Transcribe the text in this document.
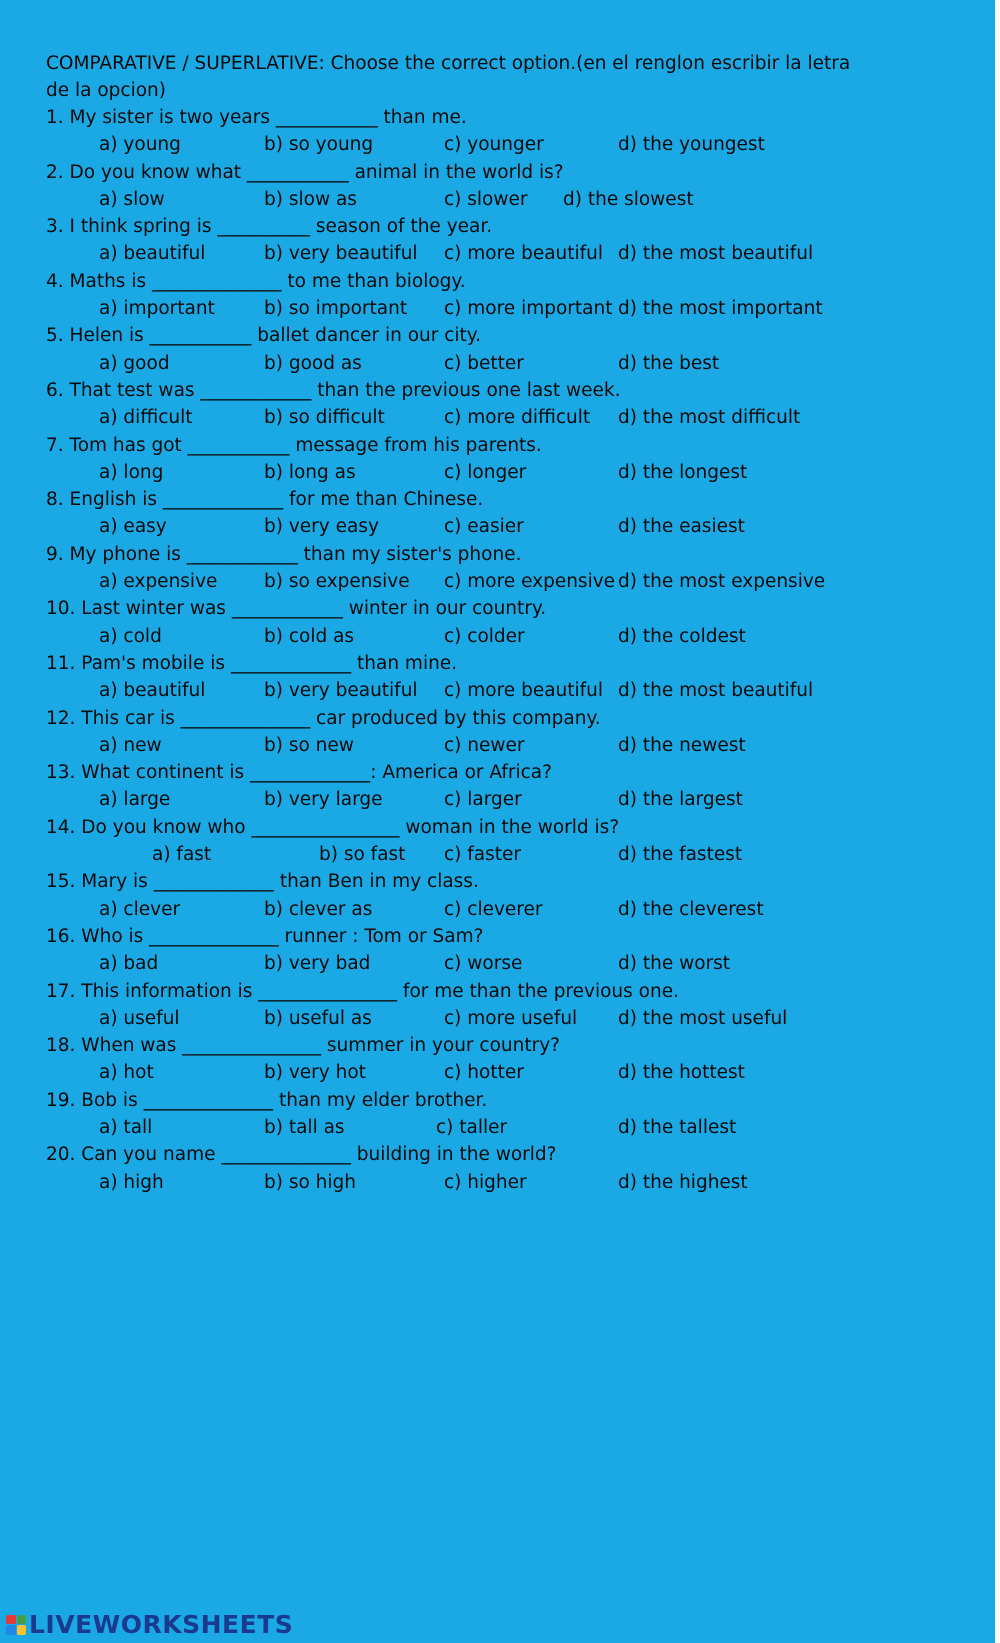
COMPARATIVE / SUPERLATIVE: Choose the correct option.(en el renglon escribir la letra

de la opcion)

1. My sister is two years ___________ than me.
a) young	b) so young	c) younger	d) the youngest
2. Do you know what ___________ animal in the world is?
a) slow	b) slow as	c) slower d) the slowest
3. I think spring is __________ season of the year.
a) beautiful	b) very beautiful c) more beautiful d) the most beautiful
4. Maths is ______________ to me than biology.
a) important	b) so important c) more important d) the most important
5. Helen is ___________ ballet dancer in our city.
a) good	b) good as	c) better	d) the best
6. That test was ____________ than the previous one last week.
a) difficult	b) so difficult	c) more difficult d) the most difficult
7. Tom has got ___________ message from his parents.
a) long	b) long as	c) longer	d) the longest
8. English is _____________ for me than Chinese.
a) easy	b) very easy	c) easier	d) the easiest
9. My phone is ____________ than my sister's phone.
a) expensive	b) so expensive c) more expensive d) the most expensive
10. Last winter was ____________ winter in our country.
a) cold	b) cold as	c) colder	d) the coldest
11. Pam's mobile is _____________ than mine.
a) beautiful	b) very beautiful c) more beautiful d) the most beautiful
12. This car is ______________ car produced by this company.
a) new	b) so new	c) newer	d) the newest
13. What continent is _____________: America or Africa?
a) large	b) very large	c) larger	d) the largest
14. Do you know who ________________ woman in the world is?
a) fast	b) so fast c) faster	d) the fastest
15. Mary is _____________ than Ben in my class.
a) clever	b) clever as	c) cleverer	d) the cleverest
16. Who is ______________ runner : Tom or Sam?
a) bad	b) very bad	c) worse	d) the worst
17. This information is _______________ for me than the previous one.
a) useful	b) useful as	c) more useful d) the most useful
18. When was _______________ summer in your country?
a) hot	b) very hot	c) hotter	d) the hottest
19. Bob is ______________ than my elder brother.
a) tall	b) tall as	c) taller	d) the tallest
20. Can you name ______________ building in the world?
a) high	b) so high	c) higher	d) the highest
LIVEWORKSHEETS
